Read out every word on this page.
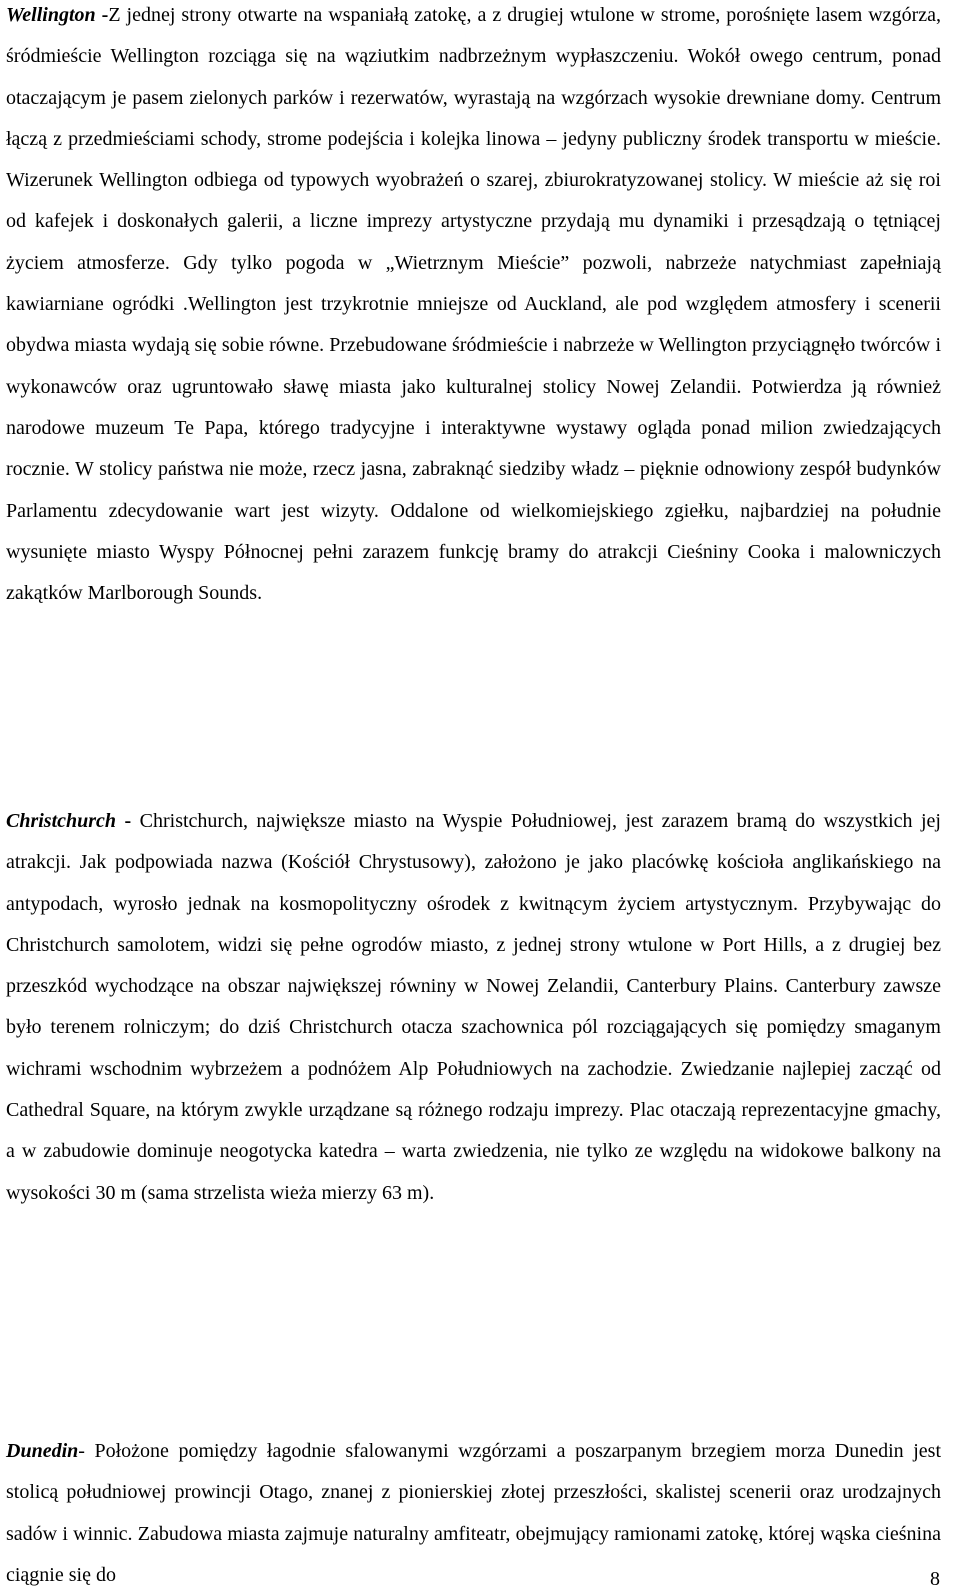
Wellington -Z jednej strony otwarte na wspaniałą zatokę, a z drugiej wtulone w strome, porośnięte lasem wzgórza, śródmieście Wellington rozciąga się na wąziutkim nadbrzeżnym wypłaszczeniu. Wokół owego centrum, ponad otaczającym je pasem zielonych parków i rezerwatów, wyrastają na wzgórzach wysokie drewniane domy. Centrum łączą z przedmieściami schody, strome podejścia i kolejka linowa – jedyny publiczny środek transportu w mieście. Wizerunek Wellington odbiega od typowych wyobrażeń o szarej, zbiurokratyzowanej stolicy. W mieście aż się roi od kafejek i doskonałych galerii, a liczne imprezy artystyczne przydają mu dynamiki i przesądzają o tętniącej życiem atmosferze. Gdy tylko pogoda w „Wietrznym Mieście” pozwoli, nabrzeże natychmiast zapełniają kawiarniane ogródki .Wellington jest trzykrotnie mniejsze od Auckland, ale pod względem atmosfery i scenerii obydwa miasta wydają się sobie równe. Przebudowane śródmieście i nabrzeże w Wellington przyciągnęło twórców i wykonawców oraz ugruntowało sławę miasta jako kulturalnej stolicy Nowej Zelandii. Potwierdza ją również narodowe muzeum Te Papa, którego tradycyjne i interaktywne wystawy ogląda ponad milion zwiedzających rocznie. W stolicy państwa nie może, rzecz jasna, zabraknąć siedziby władz – pięknie odnowiony zespół budynków Parlamentu zdecydowanie wart jest wizyty. Oddalone od wielkomiejskiego zgiełku, najbardziej na południe wysunięte miasto Wyspy Północnej pełni zarazem funkcję bramy do atrakcji Cieśniny Cooka i malowniczych zakątków Marlborough Sounds.

Christchurch - Christchurch, największe miasto na Wyspie Południowej, jest zarazem bramą do wszystkich jej atrakcji. Jak podpowiada nazwa (Kościół Chrystusowy), założono je jako placówkę kościoła anglikańskiego na antypodach, wyrosło jednak na kosmopolityczny ośrodek z kwitnącym życiem artystycznym. Przybywając do Christchurch samolotem, widzi się pełne ogrodów miasto, z jednej strony wtulone w Port Hills, a z drugiej bez przeszkód wychodzące na obszar największej równiny w Nowej Zelandii, Canterbury Plains. Canterbury zawsze było terenem rolniczym; do dziś Christchurch otacza szachownica pól rozciągających się pomiędzy smaganym wichrami wschodnim wybrzeżem a podnóżem Alp Południowych na zachodzie. Zwiedzanie najlepiej zacząć od Cathedral Square, na którym zwykle urządzane są różnego rodzaju imprezy. Plac otaczają reprezentacyjne gmachy, a w zabudowie dominuje neogotycka katedra – warta zwiedzenia, nie tylko ze względu na widokowe balkony na wysokości 30 m (sama strzelista wieża mierzy 63 m).

Dunedin- Położone pomiędzy łagodnie sfalowanymi wzgórzami a poszarpanym brzegiem morza Dunedin jest stolicą południowej prowincji Otago, znanej z pionierskiej złotej przeszłości, skalistej scenerii oraz urodzajnych sadów i winnic. Zabudowa miasta zajmuje naturalny amfiteatr, obejmujący ramionami zatokę, której wąska cieśnina ciągnie się do	8
